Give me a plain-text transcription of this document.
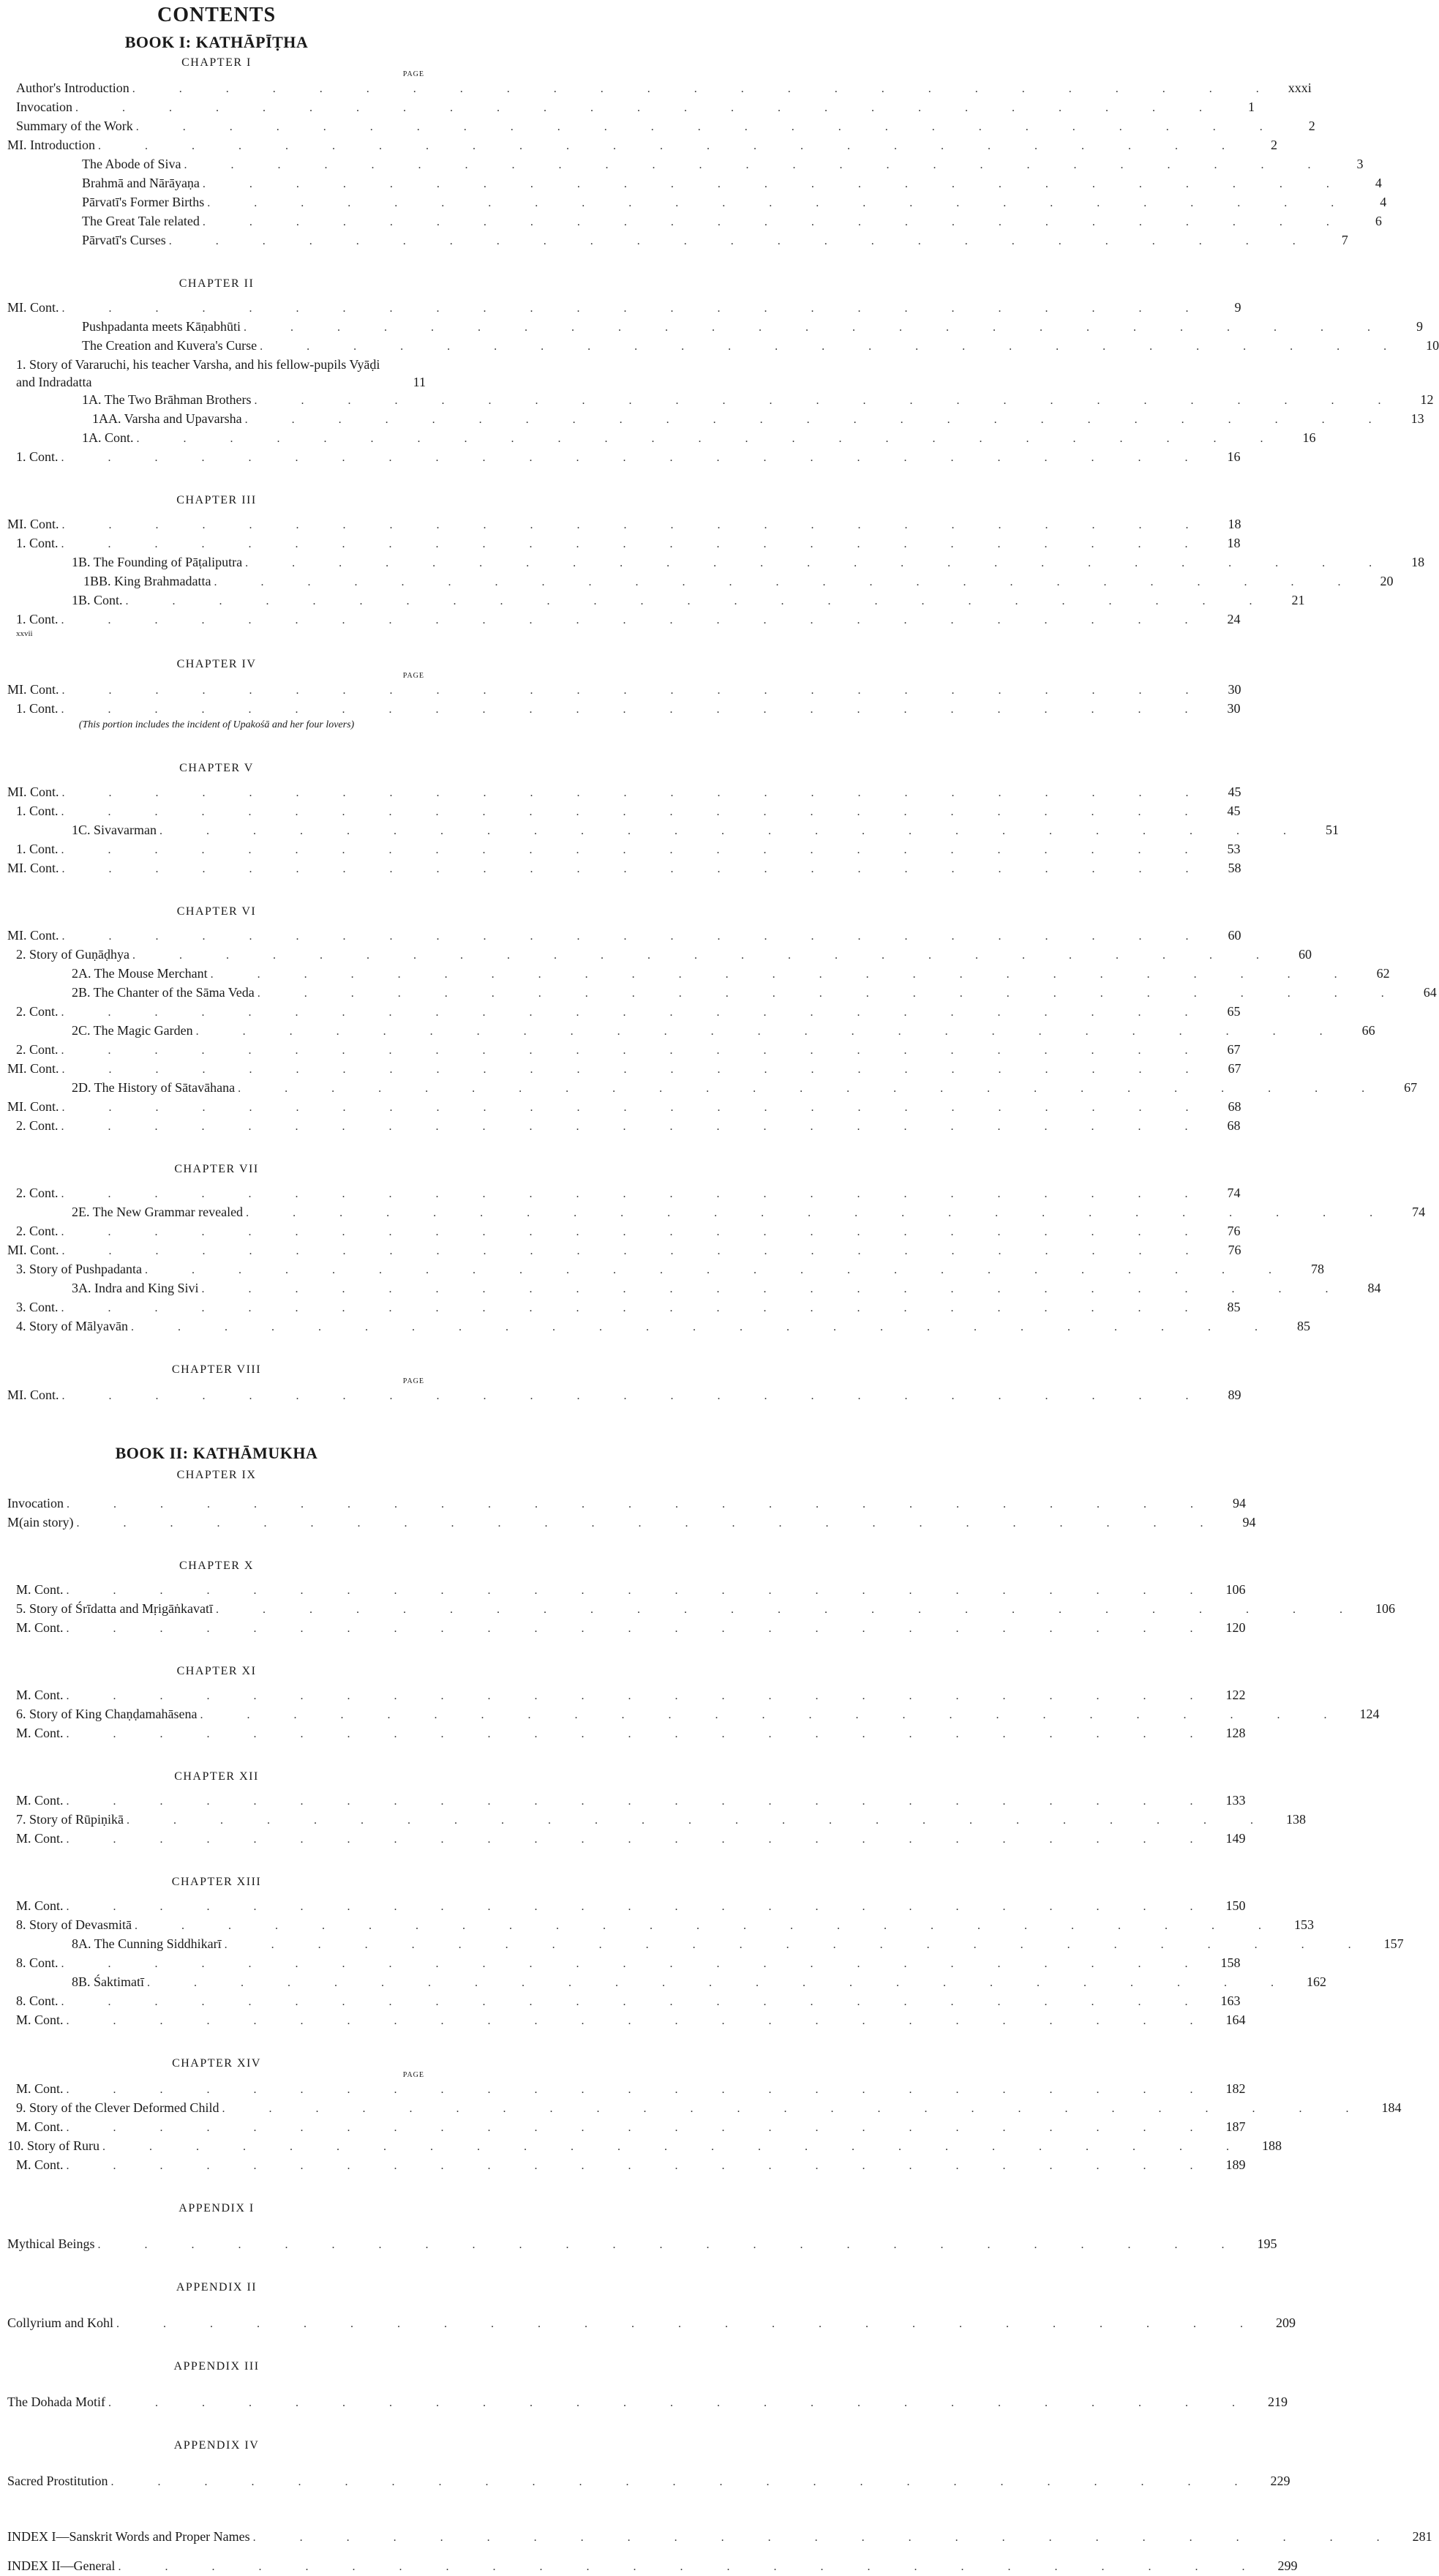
CONTENTS
BOOK I: KATHĀPĪṬHA
CHAPTER I
PAGE
Author's Introduction . . . . . . . . . . . . . . . . . . . . . . . . . xxxi
Invocation . . . . . . . . . . . . . . . . . . . . . . . . .	1
Summary of the Work . . . . . . . . . . . . . . . . . . . . . . . . .	2
MI. Introduction . . . . . . . . . . . . . . . . . . . . . . . . .	2
The Abode of Siva . . . . . . . . . . . . . . . . . . . . . . . . .	3
Brahmā and Nārāyaṇa . . . . . . . . . . . . . . . . . . . . . . . . .	4
Pārvatī's Former Births . . . . . . . . . . . . . . . . . . . . . . . . .	4
The Great Tale related . . . . . . . . . . . . . . . . . . . . . . . . .	6
Pārvatī's Curses . . . . . . . . . . . . . . . . . . . . . . . . .	7
CHAPTER II
MI. Cont. . . . . . . . . . . . . . . . . . . . . . . . . .	9
Pushpadanta meets Kāṇabhūti . . . . . . . . . . . . . . . . . . . . . . . . .	9
The Creation and Kuvera's Curse . . . . . . . . . . . . . . . . . . . . . . . . .	10
1. Story of Vararuchi, his teacher Varsha, and his fellow-pupils Vyāḍi and Indradatta	11
1A. The Two Brāhman Brothers . . . . . . . . . . . . . . . . . . . . . . . . .	12
1AA. Varsha and Upavarsha . . . . . . . . . . . . . . . . . . . . . . . . .	13
1A. Cont. . . . . . . . . . . . . . . . . . . . . . . . . .	16
1. Cont. . . . . . . . . . . . . . . . . . . . . . . . . .	16
CHAPTER III
MI. Cont. . . . . . . . . . . . . . . . . . . . . . . . . .	18
1. Cont. . . . . . . . . . . . . . . . . . . . . . . . . .	18
1B. The Founding of Pāṭaliputra . . . . . . . . . . . . . . . . . . . . . . . . .	18
1BB. King Brahmadatta . . . . . . . . . . . . . . . . . . . . . . . . .	20
1B. Cont. . . . . . . . . . . . . . . . . . . . . . . . . .	21
1. Cont. . . . . . . . . . . . . . . . . . . . . . . . . .	24
xxvii
CHAPTER IV
PAGE
MI. Cont. . . . . . . . . . . . . . . . . . . . . . . . . .	30
1. Cont. . . . . . . . . . . . . . . . . . . . . . . . . .	30
(This portion includes the incident of Upakośā and her four lovers)
CHAPTER V
MI. Cont. . . . . . . . . . . . . . . . . . . . . . . . . .	45
1. Cont. . . . . . . . . . . . . . . . . . . . . . . . . .	45
1C. Sivavarman . . . . . . . . . . . . . . . . . . . . . . . . .	51
1. Cont. . . . . . . . . . . . . . . . . . . . . . . . . .	53
MI. Cont. . . . . . . . . . . . . . . . . . . . . . . . . .	58
CHAPTER VI
MI. Cont. . . . . . . . . . . . . . . . . . . . . . . . . .	60
2. Story of Guṇāḍhya . . . . . . . . . . . . . . . . . . . . . . . . .	60
2A. The Mouse Merchant . . . . . . . . . . . . . . . . . . . . . . . . .	62
2B. The Chanter of the Sāma Veda . . . . . . . . . . . . . . . . . . . . . . . . .	64
2. Cont. . . . . . . . . . . . . . . . . . . . . . . . . .	65
2C. The Magic Garden . . . . . . . . . . . . . . . . . . . . . . . . .	66
2. Cont. . . . . . . . . . . . . . . . . . . . . . . . . .	67
MI. Cont. . . . . . . . . . . . . . . . . . . . . . . . . .	67
2D. The History of Sātavāhana . . . . . . . . . . . . . . . . . . . . . . . . .	67
MI. Cont. . . . . . . . . . . . . . . . . . . . . . . . . .	68
2. Cont. . . . . . . . . . . . . . . . . . . . . . . . . .	68
CHAPTER VII
2. Cont. . . . . . . . . . . . . . . . . . . . . . . . . .	74
2E. The New Grammar revealed . . . . . . . . . . . . . . . . . . . . . . . . .	74
2. Cont. . . . . . . . . . . . . . . . . . . . . . . . . .	76
MI. Cont. . . . . . . . . . . . . . . . . . . . . . . . . .	76
3. Story of Pushpadanta . . . . . . . . . . . . . . . . . . . . . . . . .	78
3A. Indra and King Sivi . . . . . . . . . . . . . . . . . . . . . . . . .	84
3. Cont. . . . . . . . . . . . . . . . . . . . . . . . . .	85
4. Story of Mālyavān . . . . . . . . . . . . . . . . . . . . . . . . .	85
CHAPTER VIII
PAGE
MI. Cont. . . . . . . . . . . . . . . . . . . . . . . . . .	89
BOOK II: KATHĀMUKHA
CHAPTER IX
Invocation . . . . . . . . . . . . . . . . . . . . . . . . .	94
M(ain story) . . . . . . . . . . . . . . . . . . . . . . . . .	94
CHAPTER X
M. Cont. . . . . . . . . . . . . . . . . . . . . . . . . . 106
5. Story of Śrīdatta and Mṛigāṅkavatī . . . . . . . . . . . . . . . . . . . . . . . . . 106
M. Cont. . . . . . . . . . . . . . . . . . . . . . . . . . 120
CHAPTER XI
M. Cont. . . . . . . . . . . . . . . . . . . . . . . . . . 122
6. Story of King Chaṇḍamahāsena . . . . . . . . . . . . . . . . . . . . . . . . . 124
M. Cont. . . . . . . . . . . . . . . . . . . . . . . . . . 128
CHAPTER XII
M. Cont. . . . . . . . . . . . . . . . . . . . . . . . . . 133
7. Story of Rūpiṇikā . . . . . . . . . . . . . . . . . . . . . . . . . 138
M. Cont. . . . . . . . . . . . . . . . . . . . . . . . . . 149
CHAPTER XIII
M. Cont. . . . . . . . . . . . . . . . . . . . . . . . . . 150
8. Story of Devasmitā . . . . . . . . . . . . . . . . . . . . . . . . . 153
8A. The Cunning Siddhikarī . . . . . . . . . . . . . . . . . . . . . . . . . 157
8. Cont. . . . . . . . . . . . . . . . . . . . . . . . . . 158
8B. Śaktimatī . . . . . . . . . . . . . . . . . . . . . . . . . 162
8. Cont. . . . . . . . . . . . . . . . . . . . . . . . . . 163
M. Cont. . . . . . . . . . . . . . . . . . . . . . . . . . 164
CHAPTER XIV
PAGE
M. Cont. . . . . . . . . . . . . . . . . . . . . . . . . . 182
9. Story of the Clever Deformed Child . . . . . . . . . . . . . . . . . . . . . . . . . 184
M. Cont. . . . . . . . . . . . . . . . . . . . . . . . . . 187
10. Story of Ruru . . . . . . . . . . . . . . . . . . . . . . . . . 188
M. Cont. . . . . . . . . . . . . . . . . . . . . . . . . . 189
APPENDIX I
Mythical Beings . . . . . . . . . . . . . . . . . . . . . . . . . 195
APPENDIX II
Collyrium and Kohl . . . . . . . . . . . . . . . . . . . . . . . . . 209
APPENDIX III
The Dohada Motif . . . . . . . . . . . . . . . . . . . . . . . . . 219
APPENDIX IV
Sacred Prostitution . . . . . . . . . . . . . . . . . . . . . . . . . 229
INDEX I—Sanskrit Words and Proper Names . . . . . . . . . . . . . . . . . . . . . . . . . 281
INDEX II—General . . . . . . . . . . . . . . . . . . . . . . . . . 299
